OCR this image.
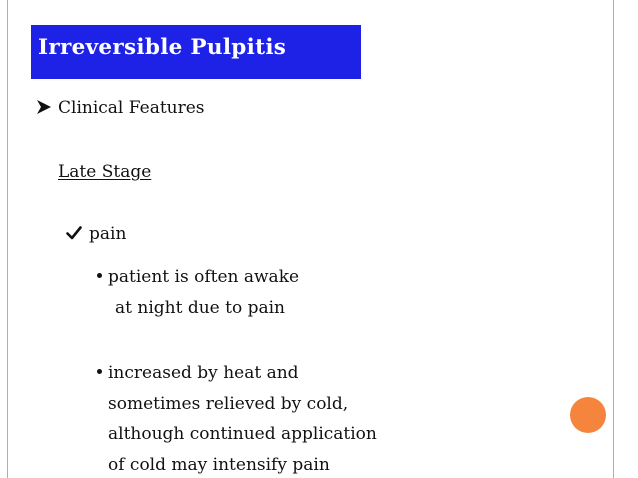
Irreversible Pulpitis
Clinical Features
Late Stage
pain
patient is often awake
at night due to pain
increased by heat and
sometimes relieved by cold,
although continued application
of cold may intensify pain
